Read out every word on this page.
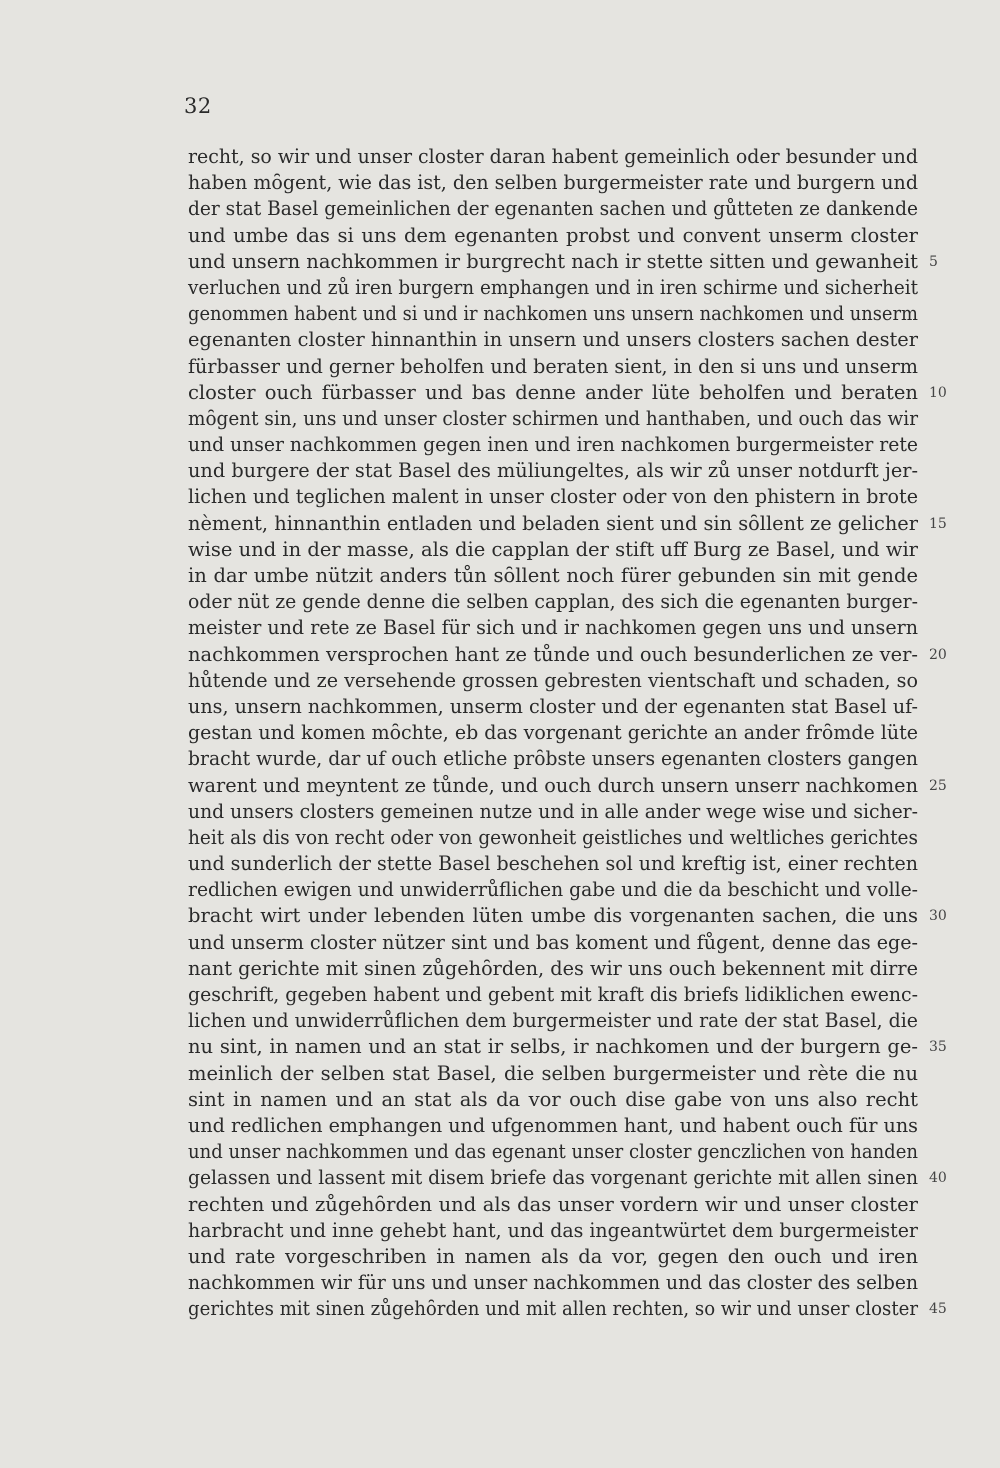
32
recht, so wir und unser closter daran habent gemeinlich oder besunder und
haben mȏgent, wie das ist, den selben burgermeister rate und burgern und
der stat Basel gemeinlichen der egenanten sachen und gůtteten ze dankende
und umbe das si uns dem egenanten probst und convent unserm closter
und unsern nachkommen ir burgrecht nach ir stette sitten und gewanheit 5
verluchen und zů iren burgern emphangen und in iren schirme und sicherheit
genommen habent und si und ir nachkomen uns unsern nachkomen und unserm
egenanten closter hinnanthin in unsern und unsers closters sachen dester
fürbasser und gerner beholfen und beraten sient, in den si uns und unserm
closter ouch fürbasser und bas denne ander lüte beholfen und beraten 10
mȏgent sin, uns und unser closter schirmen und hanthaben, und ouch das wir
und unser nachkommen gegen inen und iren nachkomen burgermeister rete
und burgere der stat Basel des müliungeltes, als wir zů unser notdurft jer-
lichen und teglichen malent in unser closter oder von den phistern in brote
nèment, hinnanthin entladen und beladen sient und sin sȏllent ze gelicher 15
wise und in der masse, als die capplan der stift uff Burg ze Basel, und wir
in dar umbe nützit anders tůn sȏllent noch fürer gebunden sin mit gende
oder nüt ze gende denne die selben capplan, des sich die egenanten burger-
meister und rete ze Basel für sich und ir nachkomen gegen uns und unsern
nachkommen versprochen hant ze tůnde und ouch besunderlichen ze ver- 20
hůtende und ze versehende grossen gebresten vientschaft und schaden, so
uns, unsern nachkommen, unserm closter und der egenanten stat Basel uf-
gestan und komen mȏchte, eb das vorgenant gerichte an ander frȏmde lüte
bracht wurde, dar uf ouch etliche prȏbste unsers egenanten closters gangen
warent und meyntent ze tůnde, und ouch durch unsern unserr nachkomen 25
und unsers closters gemeinen nutze und in alle ander wege wise und sicher-
heit als dis von recht oder von gewonheit geistliches und weltliches gerichtes
und sunderlich der stette Basel beschehen sol und kreftig ist, einer rechten
redlichen ewigen und unwiderrůflichen gabe und die da beschicht und volle-
bracht wirt under lebenden lüten umbe dis vorgenanten sachen, die uns 30
und unserm closter nützer sint und bas koment und fůgent, denne das ege-
nant gerichte mit sinen zůgehȏrden, des wir uns ouch bekennent mit dirre
geschrift, gegeben habent und gebent mit kraft dis briefs lidiklichen ewenc-
lichen und unwiderrůflichen dem burgermeister und rate der stat Basel, die
nu sint, in namen und an stat ir selbs, ir nachkomen und der burgern ge- 35
meinlich der selben stat Basel, die selben burgermeister und rète die nu
sint in namen und an stat als da vor ouch dise gabe von uns also recht
und redlichen emphangen und ufgenommen hant, und habent ouch für uns
und unser nachkommen und das egenant unser closter genczlichen von handen
gelassen und lassent mit disem briefe das vorgenant gerichte mit allen sinen 40
rechten und zůgehȏrden und als das unser vordern wir und unser closter
harbracht und inne gehebt hant, und das ingeantwürtet dem burgermeister
und rate vorgeschriben in namen als da vor, gegen den ouch und iren
nachkommen wir für uns und unser nachkommen und das closter des selben
gerichtes mit sinen zůgehȏrden und mit allen rechten, so wir und unser closter 45
